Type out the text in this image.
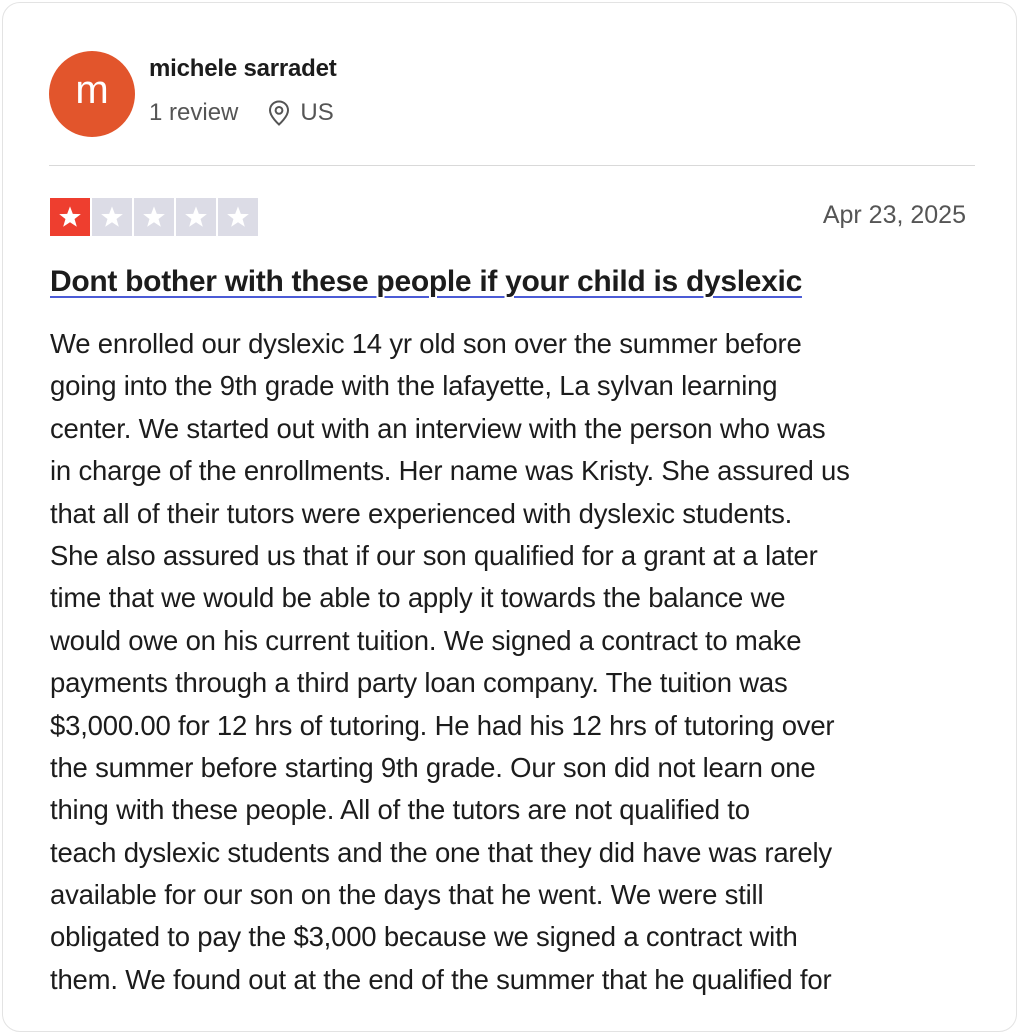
m michele sarradet
1 review	US
Apr 23, 2025
Dont bother with these people if your child is dyslexic

We enrolled our dyslexic 14 yr old son over the summer before
going into the 9th grade with the lafayette, La sylvan learning
center. We started out with an interview with the person who was
in charge of the enrollments. Her name was Kristy. She assured us
that all of their tutors were experienced with dyslexic students.
She also assured us that if our son qualified for a grant at a later
time that we would be able to apply it towards the balance we
would owe on his current tuition. We signed a contract to make
payments through a third party loan company. The tuition was
$3,000.00 for 12 hrs of tutoring. He had his 12 hrs of tutoring over
the summer before starting 9th grade. Our son did not learn one
thing with these people. All of the tutors are not qualified to
teach dyslexic students and the one that they did have was rarely
available for our son on the days that he went. We were still
obligated to pay the $3,000 because we signed a contract with
them. We found out at the end of the summer that he qualified for
